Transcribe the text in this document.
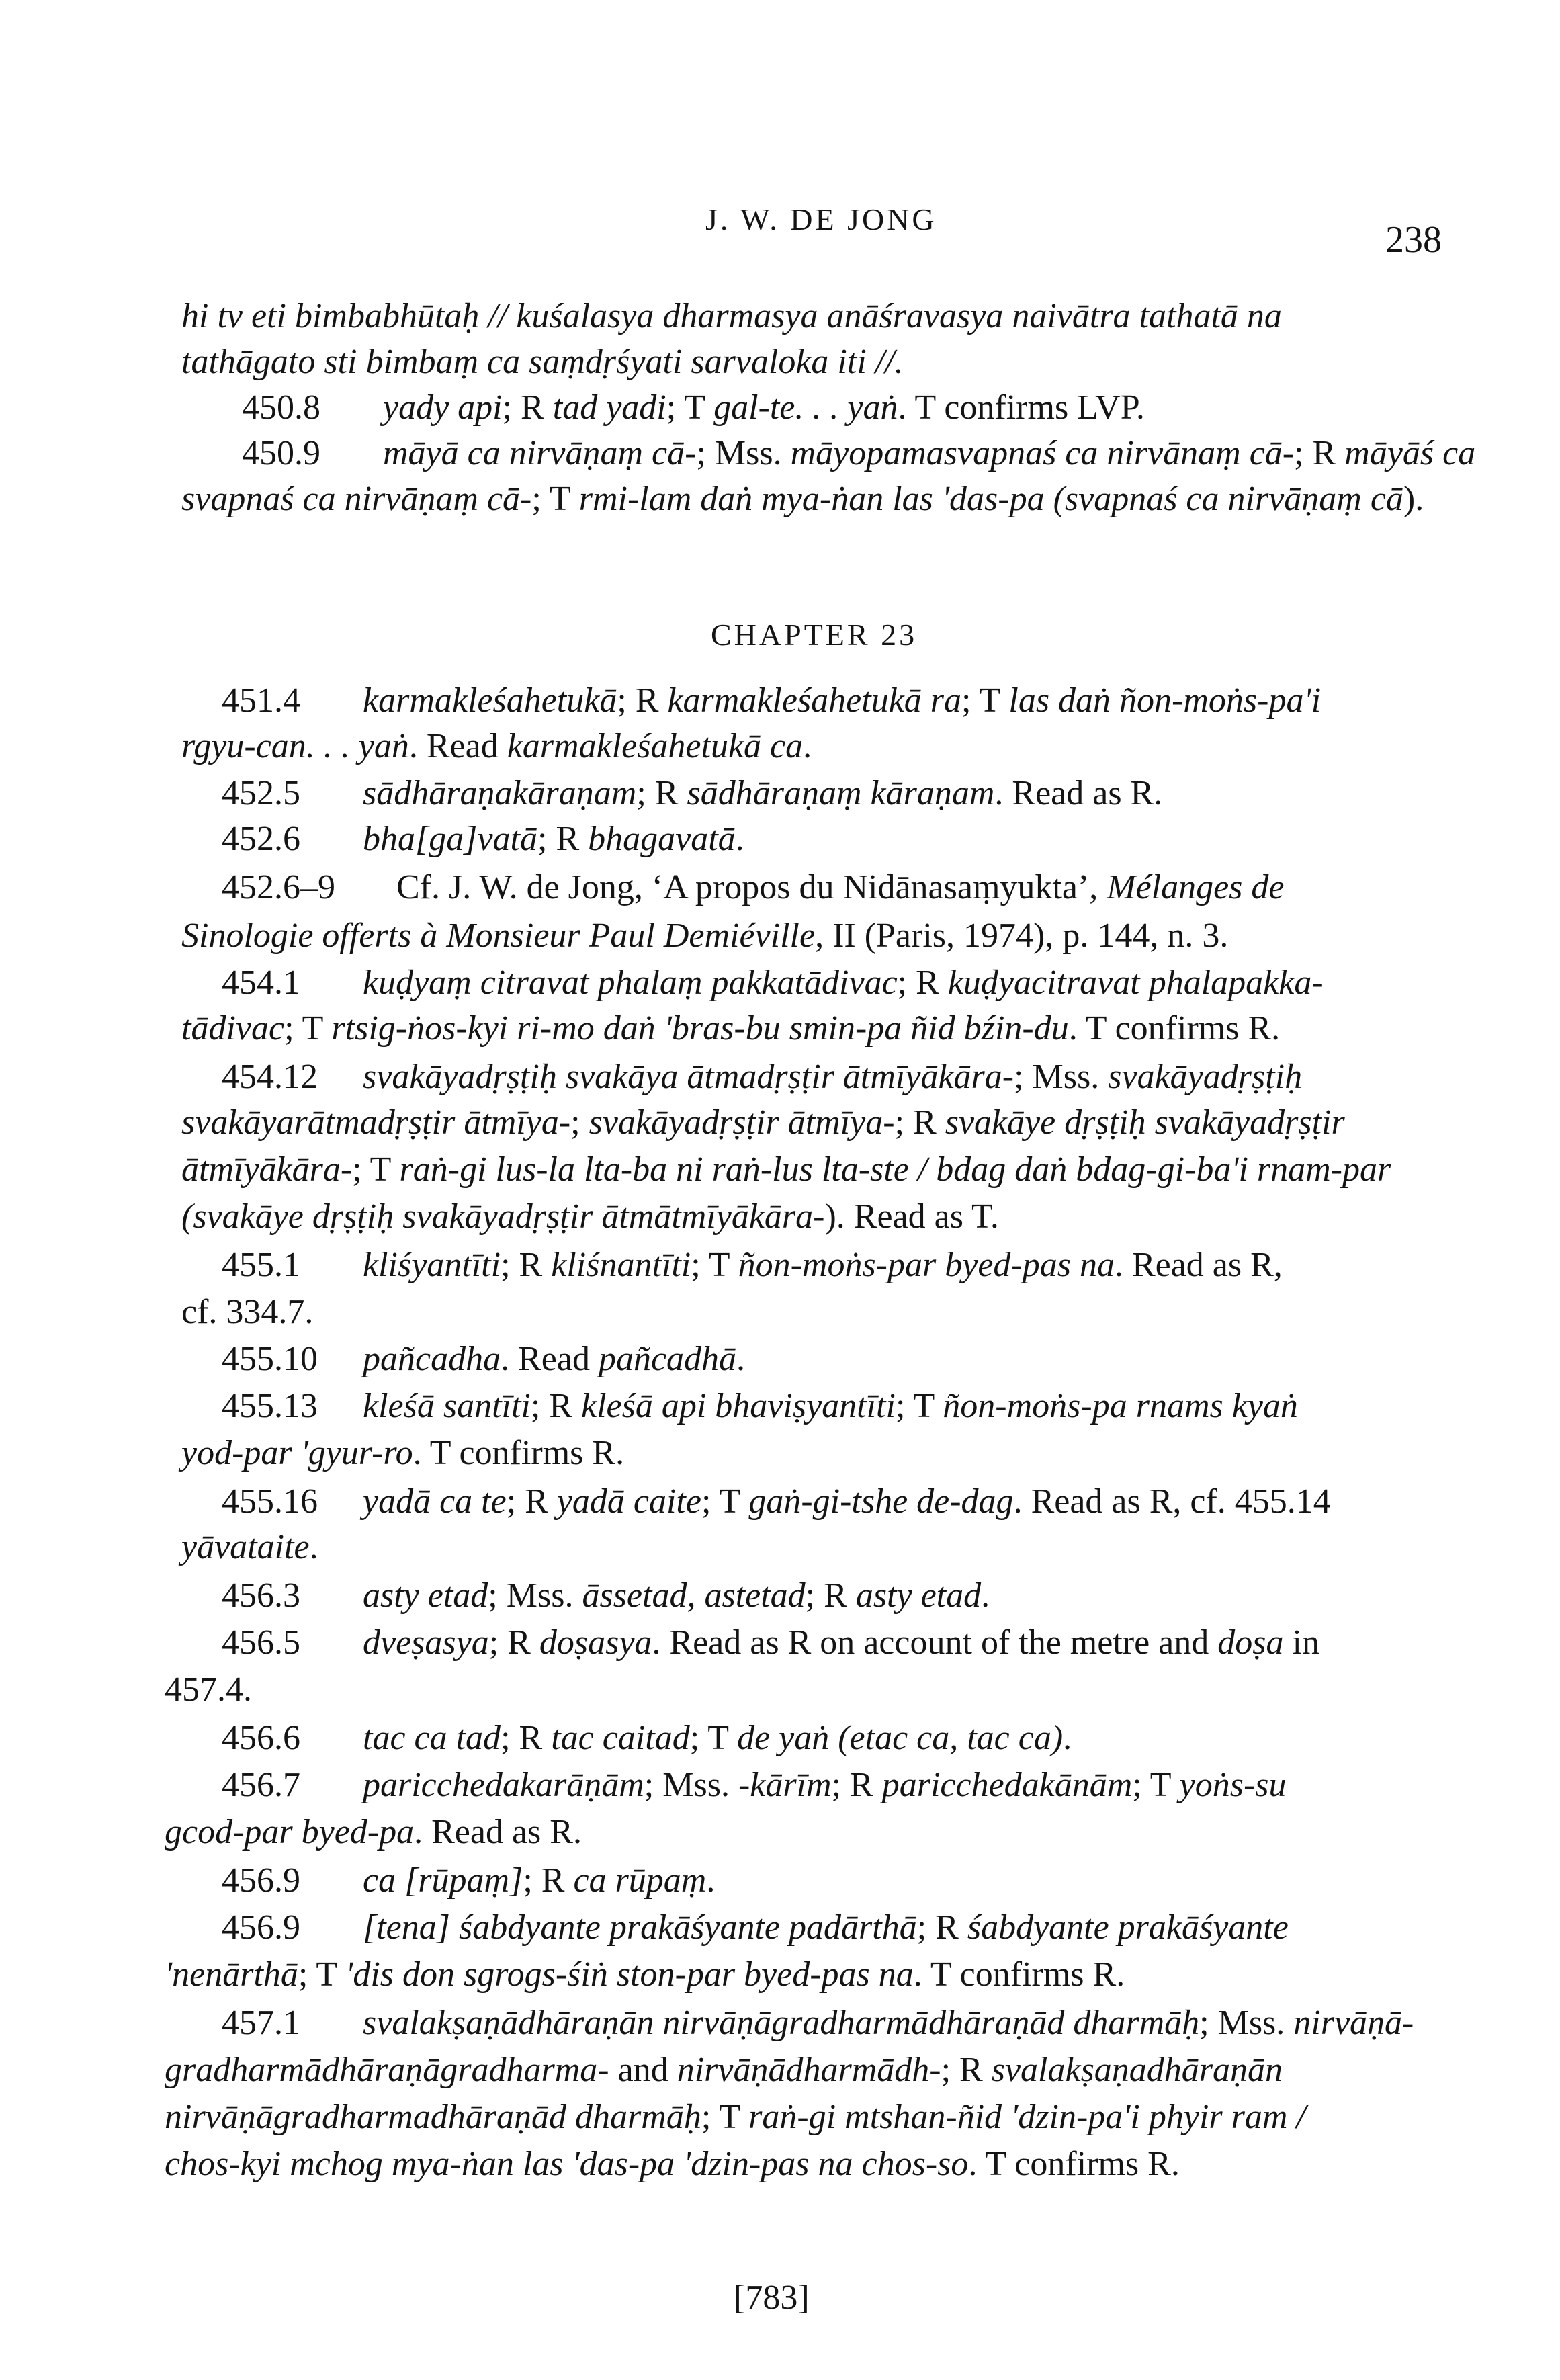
J. W. DE JONG	238
hi tv eti bimbabhūtaḥ // kuśalasya dharmasya anāśravasya naivātra tathatā na
tathāgato sti bimbaṃ ca saṃdṛśyati sarvaloka iti //.
450.8 yady api; R tad yadi; T gal-te. . . yaṅ. T confirms LVP.
450.9 māyā ca nirvāṇaṃ cā-; Mss. māyopamasvapnaś ca nirvānaṃ cā-; R māyāś ca
svapnaś ca nirvāṇaṃ cā-; T rmi-lam daṅ mya-ṅan las 'das-pa (svapnaś ca nirvāṇaṃ cā).
CHAPTER 23
451.4 karmakleśahetukā; R karmakleśahetukā ra; T las daṅ ñon-moṅs-pa'i
rgyu-can. . . yaṅ. Read karmakleśahetukā ca.
452.5 sādhāraṇakāraṇam; R sādhāraṇaṃ kāraṇam. Read as R.
452.6 bha[ga]vatā; R bhagavatā.
452.6–9 Cf. J. W. de Jong, ‘A propos du Nidānasaṃyukta’, Mélanges de
Sinologie offerts à Monsieur Paul Demiéville, II (Paris, 1974), p. 144, n. 3.
454.1 kuḍyaṃ citravat phalaṃ pakkatādivac; R kuḍyacitravat phalapakka-
tādivac; T rtsig-ṅos-kyi ri-mo daṅ 'bras-bu smin-pa ñid bźin-du. T confirms R.
454.12 svakāyadṛṣṭiḥ svakāya ātmadṛṣṭir ātmīyākāra-; Mss. svakāyadṛṣṭiḥ
svakāyarātmadṛṣṭir ātmīya-; svakāyadṛṣṭir ātmīya-; R svakāye dṛṣṭiḥ svakāyadṛṣṭir
ātmīyākāra-; T raṅ-gi lus-la lta-ba ni raṅ-lus lta-ste / bdag daṅ bdag-gi-ba'i rnam-par
(svakāye dṛṣṭiḥ svakāyadṛṣṭir ātmātmīyākāra-). Read as T.
455.1 kliśyantīti; R kliśnantīti; T ñon-moṅs-par byed-pas na. Read as R,
cf. 334.7.
455.10 pañcadha. Read pañcadhā.
455.13 kleśā santīti; R kleśā api bhaviṣyantīti; T ñon-moṅs-pa rnams kyaṅ
yod-par 'gyur-ro. T confirms R.
455.16 yadā ca te; R yadā caite; T gaṅ-gi-tshe de-dag. Read as R, cf. 455.14
yāvataite.
456.3 asty etad; Mss. āssetad, astetad; R asty etad.
456.5 dveṣasya; R doṣasya. Read as R on account of the metre and doṣa in
457.4.
456.6 tac ca tad; R tac caitad; T de yaṅ (etac ca, tac ca).
456.7 paricchedakarāṇām; Mss. -kārīm; R paricchedakānām; T yoṅs-su
gcod-par byed-pa. Read as R.
456.9 ca [rūpaṃ]; R ca rūpaṃ.
456.9 [tena] śabdyante prakāśyante padārthā; R śabdyante prakāśyante
'nenārthā; T 'dis don sgrogs-śiṅ ston-par byed-pas na. T confirms R.
457.1 svalakṣaṇādhāraṇān nirvāṇāgradharmādhāraṇād dharmāḥ; Mss. nirvāṇā-
gradharmādhāraṇāgradharma- and nirvāṇādharmādh-; R svalakṣaṇadhāraṇān
nirvāṇāgradharmadhāraṇād dharmāḥ; T raṅ-gi mtshan-ñid 'dzin-pa'i phyir ram /
chos-kyi mchog mya-ṅan las 'das-pa 'dzin-pas na chos-so. T confirms R.
[783]
